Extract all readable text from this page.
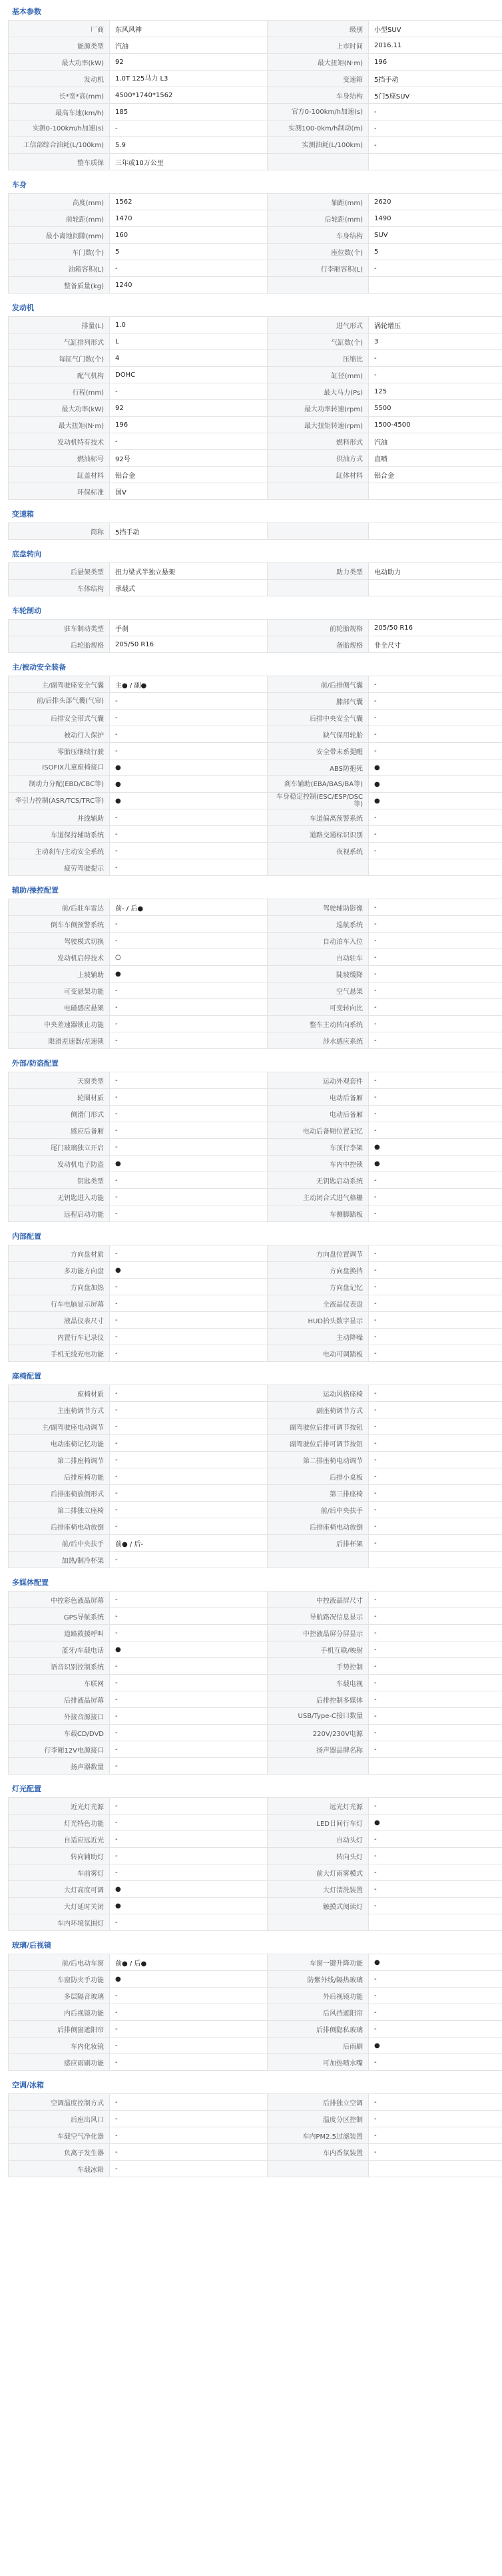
基本参数
厂商	东风风神	级别	小型SUV
能源类型	汽油	上市时间	2016.11
最大功率(kW)	92	最大扭矩(N·m)	196
发动机	1.0T 125马力 L3	变速箱	5挡手动
长*宽*高(mm)	4500*1740*1562	车身结构	5门5座SUV
最高车速(km/h)	185	官方0-100km/h加速(s)	-
实测0-100km/h加速(s)	-	实测100-0km/h制动(m)	-
工信部综合油耗(L/100km)	5.9	实测油耗(L/100km)	-
整车质保	三年或10万公里		
车身
高度(mm)	1562	轴距(mm)	2620
前轮距(mm)	1470	后轮距(mm)	1490
最小离地间隙(mm)	160	车身结构	SUV
车门数(个)	5	座位数(个)	5
油箱容积(L)	-	行李厢容积(L)	-
整备质量(kg)	1240		
发动机
排量(L)	1.0	进气形式	涡轮增压
气缸排列形式	L	气缸数(个)	3
每缸气门数(个)	4	压缩比	-
配气机构	DOHC	缸径(mm)	-
行程(mm)	-	最大马力(Ps)	125
最大功率(kW)	92	最大功率转速(rpm)	5500
最大扭矩(N·m)	196	最大扭矩转速(rpm)	1500-4500
发动机特有技术	-	燃料形式	汽油
燃油标号	92号	供油方式	直喷
缸盖材料	铝合金	缸体材料	铝合金
环保标准	国V		
变速箱
简称	5挡手动		
底盘转向
后悬架类型	扭力梁式半独立悬架	助力类型	电动助力
车体结构	承载式		
车轮制动
驻车制动类型	手刹	前轮胎规格	205/50 R16
后轮胎规格	205/50 R16	备胎规格	非全尺寸
主/被动安全装备
主/副驾驶座安全气囊	主● / 副●	前/后排侧气囊	-
前/后排头部气囊(气帘)	-	膝部气囊	-
后排安全带式气囊	-	后排中央安全气囊	-
被动行人保护	-	缺气保用轮胎	-
零胎压继续行驶	-	安全带未系提醒	-
ISOFIX儿童座椅接口	●	ABS防抱死	●
制动力分配(EBD/CBC等)	●	刹车辅助(EBA/BAS/BA等)	●
牵引力控制(ASR/TCS/TRC等)	●	车身稳定控制(ESC/ESP/DSC等)	●
并线辅助	-	车道偏离预警系统	-
车道保持辅助系统	-	道路交通标识识别	-
主动刹车/主动安全系统	-	夜视系统	-
疲劳驾驶提示	-		
辅助/操控配置
前/后驻车雷达	前- / 后●	驾驶辅助影像	-
倒车车侧预警系统	-	巡航系统	-
驾驶模式切换	-	自动泊车入位	-
发动机启停技术	○	自动驻车	-
上坡辅助	●	陡坡缓降	-
可变悬架功能	-	空气悬架	-
电磁感应悬架	-	可变转向比	-
中央差速器锁止功能	-	整车主动转向系统	-
限滑差速器/差速锁	-	涉水感应系统	-
外部/防盗配置
天窗类型	-	运动外观套件	-
轮圈材质	-	电动后备厢	-
侧滑门形式	-	电动后备厢	-
感应后备厢	-	电动后备厢位置记忆	-
尾门玻璃独立开启	-	车顶行李架	●
发动机电子防盗	●	车内中控锁	●
钥匙类型	-	无钥匙启动系统	-
无钥匙进入功能	-	主动闭合式进气格栅	-
远程启动功能	-	车侧脚踏板	-
内部配置
方向盘材质	-	方向盘位置调节	-
多功能方向盘	●	方向盘换挡	-
方向盘加热	-	方向盘记忆	-
行车电脑显示屏幕	-	全液晶仪表盘	-
液晶仪表尺寸	-	HUD抬头数字显示	-
内置行车记录仪	-	主动降噪	-
手机无线充电功能	-	电动可调踏板	-
座椅配置
座椅材质	-	运动风格座椅	-
主座椅调节方式	-	副座椅调节方式	-
主/副驾驶座电动调节	-	副驾驶位后排可调节按钮	-
电动座椅记忆功能	-	副驾驶位后排可调节按钮	-
第二排座椅调节	-	第二排座椅电动调节	-
后排座椅功能	-	后排小桌板	-
后排座椅放倒形式	-	第三排座椅	-
第二排独立座椅	-	前/后中央扶手	-
后排座椅电动放倒	-	后排座椅电动放倒	-
前/后中央扶手	前● / 后-	后排杯架	-
加热/制冷杯架	-		
多媒体配置
中控彩色液晶屏幕	-	中控液晶屏尺寸	-
GPS导航系统	-	导航路况信息显示	-
道路救援呼叫	-	中控液晶屏分屏显示	-
蓝牙/车载电话	●	手机互联/映射	-
语音识别控制系统	-	手势控制	-
车联网	-	车载电视	-
后排液晶屏幕	-	后排控制多媒体	-
外接音源接口	-	USB/Type-C接口数量	-
车载CD/DVD	-	220V/230V电源	-
行李厢12V电源接口	-	扬声器品牌名称	-
扬声器数量	-		
灯光配置
近光灯光源	-	远光灯光源	-
灯光特色功能	-	LED日间行车灯	●
自适应远近光	-	自动头灯	-
转向辅助灯	-	转向头灯	-
车前雾灯	-	前大灯雨雾模式	-
大灯高度可调	●	大灯清洗装置	-
大灯延时关闭	●	触摸式阅读灯	-
车内环境氛围灯	-		
玻璃/后视镜
前/后电动车窗	前● / 后●	车窗一键升降功能	●
车窗防夹手功能	●	防紫外线/隔热玻璃	-
多层隔音玻璃	-	外后视镜功能	-
内后视镜功能	-	后风挡遮阳帘	-
后排侧窗遮阳帘	-	后排侧隐私玻璃	-
车内化妆镜	-	后雨刷	●
感应雨刷功能	-	可加热喷水嘴	-
空调/冰箱
空调温度控制方式	-	后排独立空调	-
后座出风口	-	温度分区控制	-
车载空气净化器	-	车内PM2.5过滤装置	-
负离子发生器	-	车内香氛装置	-
车载冰箱	-		
